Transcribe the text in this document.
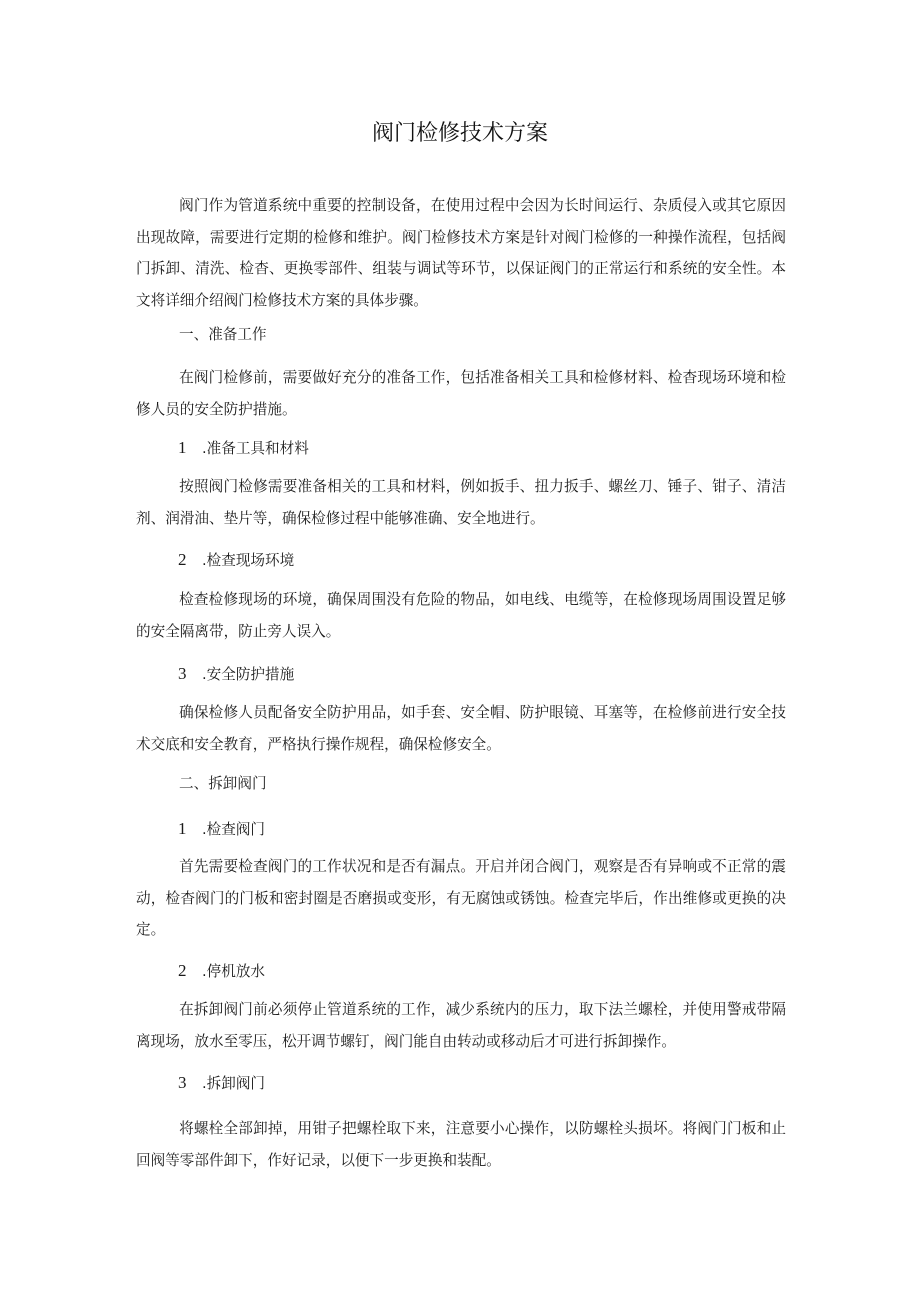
阀门检修技术方案

阀门作为管道系统中重要的控制设备，在使用过程中会因为长时间运行、杂质侵入或其它原因出现故障，需要进行定期的检修和维护。阀门检修技术方案是针对阀门检修的一种操作流程，包括阀门拆卸、清洗、检杳、更换零部件、组装与调试等环节，以保证阀门的正常运行和系统的安全性。本文将详细介绍阀门检修技术方案的具体步骤。

一、准备工作

在阀门检修前，需要做好充分的准备工作，包括准备相关工具和检修材料、检杳现场环境和检修人员的安全防护措施。

1 .准备工具和材料

按照阀门检修需要准备相关的工具和材料，例如扳手、扭力扳手、螺丝刀、锤子、钳子、清洁剂、润滑油、垫片等，确保检修过程中能够准确、安全地进行。

2 .检查现场环境

检查检修现场的环境，确保周围没有危险的物品，如电线、电缆等，在检修现场周围设置足够的安全隔离带，防止旁人误入。

3 .安全防护措施

确保检修人员配备安全防护用品，如手套、安全帽、防护眼镜、耳塞等，在检修前进行安全技术交底和安全教育，严格执行操作规程，确保检修安全。

二、拆卸阀门

1 .检查阀门

首先需要检查阀门的工作状况和是否有漏点。开启并闭合阀门，观察是否有异响或不正常的震动，检杳阀门的门板和密封圈是否磨损或变形，有无腐蚀或锈蚀。检查完毕后，作出维修或更换的决定。

2 .停机放水

在拆卸阀门前必须停止管道系统的工作，减少系统内的压力，取下法兰螺栓，并使用警戒带隔离现场，放水至零压，松开调节螺钉，阀门能自由转动或移动后才可进行拆卸操作。

3 .拆卸阀门

将螺栓全部卸掉，用钳子把螺栓取下来，注意要小心操作，以防螺栓头损坏。将阀门门板和止回阀等零部件卸下，作好记录，以便下一步更换和装配。
